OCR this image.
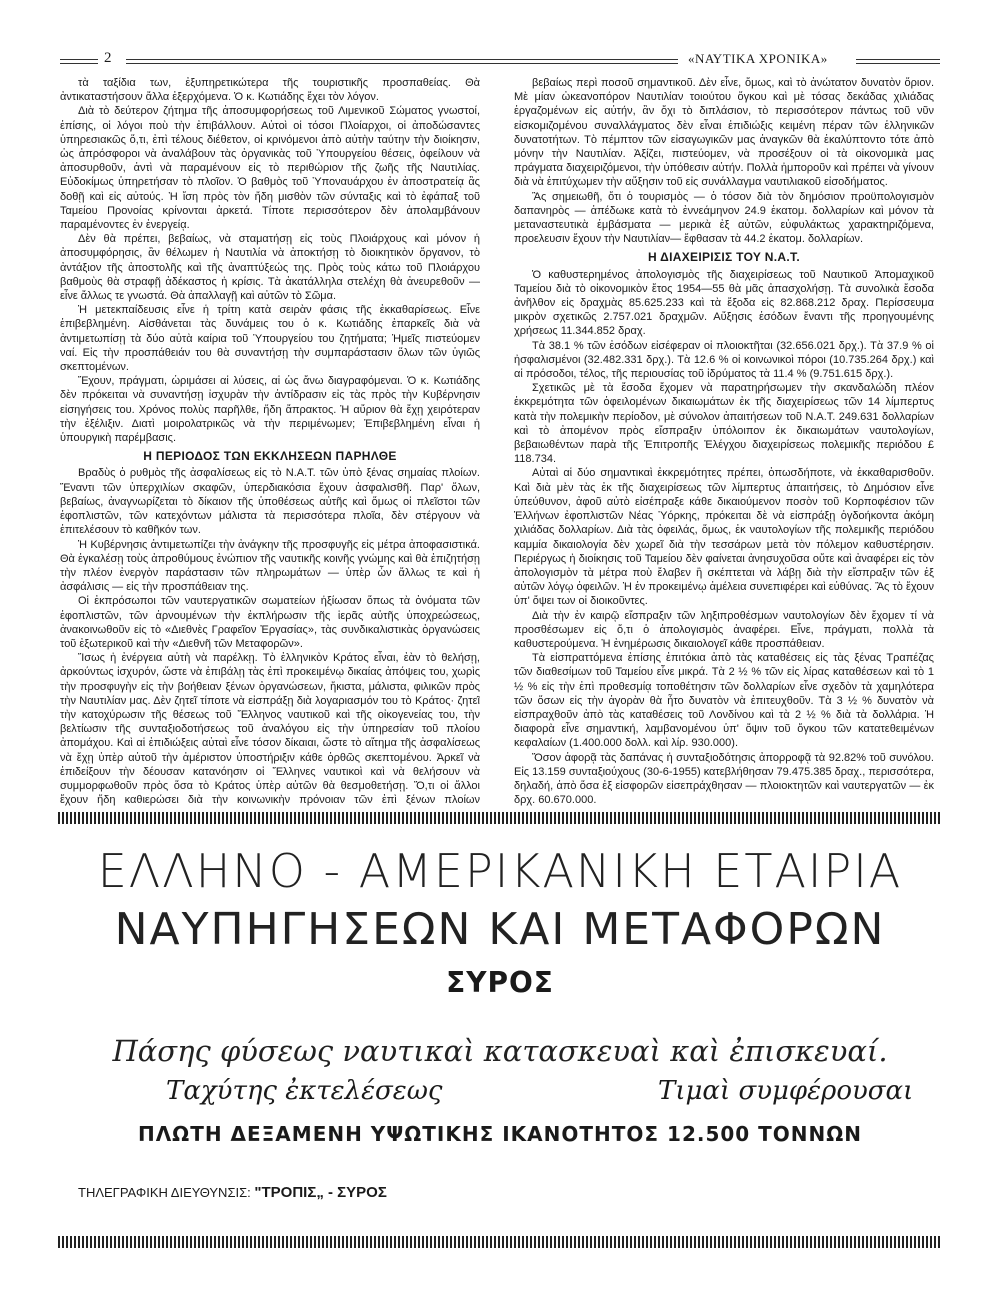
2	«ΝΑΥΤΙΚΑ ΧΡΟΝΙΚΑ»

τὰ ταξίδια των, ἐξυπηρετικώτερα τῆς τουριστικῆς προσπαθείας. Θὰ ἀντικαταστήσουν ἄλλα ἐξερχόμενα. Ὁ κ. Κωτιάδης ἔχει τὸν λόγον.

Διὰ τὸ δεύτερον ζήτημα τῆς ἀποσυμφορήσεως τοῦ Λιμενικοῦ Σώματος γνωστοί, ἐπίσης, οἱ λόγοι ποὺ τὴν ἐπιβάλλουν. Αὐτοὶ οἱ τόσοι Πλοίαρχοι, οἱ ἀποδώσαντες ὑπηρεσιακῶς ὅ,τι, ἐπὶ τέλους διέθετον, οἱ κρινόμενοι ἀπὸ αὐτὴν ταύτην τὴν διοίκησιν, ὡς ἀπρόσφοροι νὰ ἀναλάβουν τὰς ὀργανικὰς τοῦ Ὑπουργείου θέσεις, ὀφείλουν νὰ ἀποσυρθοῦν, ἀντὶ νὰ παραμένουν εἰς τὸ περιθώριον τῆς ζωῆς τῆς Ναυτιλίας. Εὐδοκίμως ὑπηρετήσαν τὸ πλοῖον. Ὁ βαθμὸς τοῦ Ὑποναυάρχου ἐν ἀποστρατείᾳ ἂς δοθῇ καὶ εἰς αὐτούς. Ἡ ἴση πρὸς τὸν ἤδη μισθὸν τῶν σύνταξις καὶ τὸ ἐφάπαξ τοῦ Ταμείου Προνοίας κρίνονται ἀρκετά. Τίποτε περισσότερον δὲν ἀπολαμβάνουν παραμένοντες ἐν ἐνεργείᾳ.

Δὲν θὰ πρέπει, βεβαίως, νὰ σταματήσῃ εἰς τοὺς Πλοιάρχους καὶ μόνον ἡ ἀποσυμφόρησις, ἂν θέλωμεν ἡ Ναυτιλία νὰ ἀποκτήσῃ τὸ διοικητικὸν ὄργανον, τὸ ἀντάξιον τῆς ἀποστολῆς καὶ τῆς ἀναπτύξεώς της. Πρὸς τοὺς κάτω τοῦ Πλοιάρχου βαθμοὺς θὰ στραφῇ ἀδέκαστος ἡ κρίσις. Τὰ ἀκατάλληλα στελέχη θὰ ἀνευρεθοῦν — εἶνε ἄλλως τε γνωστά. Θὰ ἀπαλλαγῇ καὶ αὐτῶν τὸ Σῶμα.

Ἡ μετεκπαίδευσις εἶνε ἡ τρίτη κατὰ σειρὰν φάσις τῆς ἐκκαθαρίσεως. Εἶνε ἐπιβεβλημένη. Αἰσθάνεται τὰς δυνάμεις του ὁ κ. Κωτιάδης ἐπαρκεῖς διὰ νὰ ἀντιμετωπίσῃ τὰ δύο αὐτὰ καίρια τοῦ Ὑπουργείου του ζητήματα; Ἡμεῖς πιστεύομεν ναί. Εἰς τὴν προσπάθειάν του θὰ συναντήσῃ τὴν συμπαράστασιν ὅλων τῶν ὑγιῶς σκεπτομένων.

Ἔχουν, πράγματι, ὡριμάσει αἱ λύσεις, αἱ ὡς ἄνω διαγραφόμεναι. Ὁ κ. Κωτιάδης δὲν πρόκειται νὰ συναντήσῃ ἰσχυρὰν τὴν ἀντίδρασιν εἰς τὰς πρὸς τὴν Κυβέρνησιν εἰσηγήσεις του. Χρόνος πολὺς παρῆλθε, ἤδη ἄπρακτος. Ἡ αὔριον θὰ ἔχῃ χειρότεραν τὴν ἐξέλιξιν. Διατὶ μοιρολατρικῶς νὰ τὴν περιμένωμεν; Ἐπιβεβλημένη εἶναι ἡ ὑπουργικὴ παρέμβασις.

Η ΠΕΡΙΟΔΟΣ ΤΩΝ ΕΚΚΛΗΣΕΩΝ ΠΑΡΗΛΘΕ

Βραδὺς ὁ ρυθμὸς τῆς ἀσφαλίσεως εἰς τὸ Ν.Α.Τ. τῶν ὑπὸ ξένας σημαίας πλοίων. Ἔναντι τῶν ὑπερχιλίων σκαφῶν, ὑπερδιακόσια ἔχουν ἀσφαλισθῆ. Παρ' ὅλων, βεβαίως, ἀναγνωρίζεται τὸ δίκαιον τῆς ὑποθέσεως αὐτῆς καὶ ὅμως οἱ πλεῖστοι τῶν ἐφοπλιστῶν, τῶν κατεχόντων μάλιστα τὰ περισσότερα πλοῖα, δὲν στέργουν νὰ ἐπιτελέσουν τὸ καθῆκόν των.

Ἡ Κυβέρνησις ἀντιμετωπίζει τὴν ἀνάγκην τῆς προσφυγῆς εἰς μέτρα ἀποφασιστικά. Θὰ ἐγκαλέσῃ τοὺς ἀπροθύμους ἐνώπιον τῆς ναυτικῆς κοινῆς γνώμης καὶ θὰ ἐπιζητήσῃ τὴν πλέον ἐνεργὸν παράστασιν τῶν πληρωμάτων — ὑπὲρ ὧν ἄλλως τε καὶ ἡ ἀσφάλισις — εἰς τὴν προσπάθειαν της.

Οἱ ἐκπρόσωποι τῶν ναυτεργατικῶν σωματείων ἠξίωσαν ὅπως τὰ ὀνόματα τῶν ἐφοπλιστῶν, τῶν ἀρνουμένων τὴν ἐκπλήρωσιν τῆς ἱερᾶς αὐτῆς ὑποχρεώσεως, ἀνακοινωθοῦν εἰς τὸ «Διεθνὲς Γραφεῖον Ἐργασίας», τὰς συνδικαλιστικὰς ὀργανώσεις τοῦ ἐξωτερικοῦ καὶ τὴν «Διεθνῆ τῶν Μεταφορῶν».

Ἴσως ἡ ἐνέργεια αὐτὴ νὰ παρέλκῃ. Τὸ ἑλληνικὸν Κράτος εἶναι, ἐὰν τὸ θελήσῃ, ἀρκούντως ἰσχυρόν, ὥστε νὰ ἐπιβάλῃ τὰς ἐπὶ προκειμένῳ δικαίας ἀπόψεις του, χωρὶς τὴν προσφυγὴν εἰς τὴν βοήθειαν ξένων ὀργανώσεων, ἥκιστα, μάλιστα, φιλικῶν πρὸς τὴν Ναυτιλίαν μας. Δὲν ζητεῖ τίποτε νὰ εἰσπράξῃ διὰ λογαριασμόν του τὸ Κράτος· ζητεῖ τὴν κατοχύρωσιν τῆς θέσεως τοῦ Ἕλληνος ναυτικοῦ καὶ τῆς οἰκογενείας του, τὴν βελτίωσιν τῆς συνταξιοδοτήσεως τοῦ ἀναλόγου εἰς τὴν ὑπηρεσίαν τοῦ πλοίου ἀπομάχου. Καὶ αἱ ἐπιδιώξεις αὐταὶ εἶνε τόσον δίκαιαι, ὥστε τὸ αἴτημα τῆς ἀσφαλίσεως νὰ ἔχῃ ὑπὲρ αὐτοῦ τὴν ἀμέριστον ὑποστήριξιν κάθε ὀρθῶς σκεπτομένου. Ἀρκεῖ νὰ ἐπιδείξουν τὴν δέουσαν κατανόησιν οἱ Ἕλληνες ναυτικοὶ καὶ νὰ θελήσουν νὰ συμμορφωθοῦν πρὸς ὅσα τὸ Κράτος ὑπὲρ αὐτῶν θὰ θεσμοθετήσῃ. Ὅ,τι οἱ ἄλλοι ἔχουν ἤδη καθιερώσει διὰ τὴν κοινωνικὴν πρόνοιαν τῶν ἐπὶ ξένων πλοίων

βεβαίως περὶ ποσοῦ σημαντικοῦ. Δὲν εἶνε, ὅμως, καὶ τὸ ἀνώτατον δυνατὸν ὅριον. Μὲ μίαν ὠκεανοπόρον Ναυτιλίαν τοιούτου ὄγκου καὶ μὲ τόσας δεκάδας χιλιάδας ἐργαζομένων εἰς αὐτήν, ἂν ὄχι τὸ διπλάσιον, τὸ περισσότερον πάντως τοῦ νῦν εἰσκομιζομένου συναλλάγματος δὲν εἶναι ἐπιδιώξις κειμένη πέραν τῶν ἑλληνικῶν δυνατοτήτων. Τὸ πέμπτον τῶν εἰσαγωγικῶν μας ἀναγκῶν θὰ ἐκαλύπτοντο τότε ἀπὸ μόνην τὴν Ναυτιλίαν. Ἀξίζει, πιστεύομεν, νὰ προσέξουν οἱ τὰ οἰκονομικὰ μας πράγματα διαχειριζόμενοι, τὴν ὑπόθεσιν αὐτήν. Πολλὰ ἠμποροῦν καὶ πρέπει νὰ γίνουν διὰ νὰ ἐπιτύχωμεν τὴν αὔξησιν τοῦ εἰς συνάλλαγμα ναυτιλιακοῦ εἰσοδήματος.

Ἂς σημειωθῆ, ὅτι ὁ τουρισμὸς — ὁ τόσον διὰ τὸν δημόσιον προϋπολογισμὸν δαπανηρὸς — ἀπέδωκε κατὰ τὸ ἐννεάμηνον 24.9 ἑκατομ. δολλαρίων καὶ μόνον τὰ μεταναστευτικὰ ἐμβάσματα — μερικὰ ἐξ αὐτῶν, εὐφυλάκτως χαρακτηριζόμενα, προελευσιν ἔχουν τὴν Ναυτιλίαν— ἔφθασαν τὰ 44.2 ἑκατομ. δολλαρίων.

Η ΔΙΑΧΕΙΡΙΣΙΣ ΤΟΥ Ν.Α.Τ.

Ὁ καθυστερημένος ἀπολογισμὸς τῆς διαχειρίσεως τοῦ Ναυτικοῦ Ἀπομαχικοῦ Ταμείου διὰ τὸ οἰκονομικὸν ἔτος 1954—55 θὰ μᾶς ἀπασχολήσῃ. Τὰ συνολικὰ ἔσοδα ἀνῆλθον εἰς δραχμὰς 85.625.233 καὶ τὰ ἔξοδα εἰς 82.868.212 δραχ. Περίσσευμα μικρὸν σχετικῶς 2.757.021 δραχμῶν. Αὔξησις ἐσόδων ἔναντι τῆς προηγουμένης χρήσεως 11.344.852 δραχ.

Τὰ 38.1 % τῶν ἐσόδων εἰσέφεραν οἱ πλοιοκτῆται (32.656.021 δρχ.). Τὰ 37.9 % οἱ ἠσφαλισμένοι (32.482.331 δρχ.). Τὰ 12.6 % οἱ κοινωνικοὶ πόροι (10.735.264 δρχ.) καὶ αἱ πρόσοδοι, τέλος, τῆς περιουσίας τοῦ ἱδρύματος τὰ 11.4 % (9.751.615 δρχ.).

Σχετικῶς μὲ τὰ ἔσοδα ἔχομεν νὰ παρατηρήσωμεν τὴν σκανδαλώδη πλέον ἐκκρεμότητα τῶν ὀφειλομένων δικαιωμάτων ἐκ τῆς διαχειρίσεως τῶν 14 λίμπερτυς κατὰ τὴν πολεμικὴν περίοδον, μὲ σύνολον ἀπαιτήσεων τοῦ Ν.Α.Τ. 249.631 δολλαρίων καὶ τὸ ἀπομένον πρὸς εἴσπραξιν ὑπόλοιπον ἐκ δικαιωμάτων ναυτολογίων, βεβαιωθέντων παρὰ τῆς Ἐπιτροπῆς Ἐλέγχου διαχειρίσεως πολεμικῆς περιόδου £ 118.734.

Αὐταὶ αἱ δύο σημαντικαὶ ἐκκρεμότητες πρέπει, ὁπωσδήποτε, νὰ ἐκκαθαρισθοῦν. Καὶ διὰ μὲν τὰς ἐκ τῆς διαχειρίσεως τῶν λίμπερτυς ἀπαιτήσεις, τὸ Δημόσιον εἶνε ὑπεύθυνον, ἀφοῦ αὐτὸ εἰσέπραξε κάθε δικαιούμενον ποσὸν τοῦ Κορποφέσιον τῶν Ἑλλήνων ἐφοπλιστῶν Νέας Ὑόρκης, πρόκειται δὲ νὰ εἰσπράξῃ ὀγδοήκοντα ἀκόμη χιλιάδας δολλαρίων. Διὰ τὰς ὀφειλάς, ὅμως, ἐκ ναυτολογίων τῆς πολεμικῆς περιόδου καμμία δικαιολογία δὲν χωρεῖ διὰ τὴν τεσσάρων μετὰ τὸν πόλεμον καθυστέρησιν. Περιέργως ἡ διοίκησις τοῦ Ταμείου δὲν φαίνεται ἀνησυχοῦσα οὔτε καὶ ἀναφέρει εἰς τὸν ἀπολογισμὸν τὰ μέτρα ποὺ ἔλαβεν ἢ σκέπτεται νὰ λάβῃ διὰ τὴν εἴσπραξιν τῶν ἐξ αὐτῶν λόγῳ ὀφειλῶν. Ἡ ἐν προκειμένῳ ἀμέλεια συνεπιφέρει καὶ εὐθύνας. Ἂς τὸ ἔχουν ὑπ' ὄψει των οἱ διοικοῦντες.

Διὰ τὴν ἐν καιρῷ εἴσπραξιν τῶν ληξιπροθέσμων ναυτολογίων δὲν ἔχομεν τί νὰ προσθέσωμεν εἰς ὅ,τι ὁ ἀπολογισμὸς ἀναφέρει. Εἶνε, πράγματι, πολλὰ τὰ καθυστερούμενα. Ἡ ἐνημέρωσις δικαιολογεῖ κάθε προσπάθειαν.

Τὰ εἰσπραττόμενα ἐπίσης ἐπιτόκια ἀπὸ τὰς καταθέσεις εἰς τὰς ξένας Τραπέζας τῶν διαθεσίμων τοῦ Ταμείου εἶνε μικρά. Τὰ 2 ½ % τῶν εἰς λίρας καταθέσεων καὶ τὸ 1 ½ % εἰς τὴν ἐπὶ προθεσμίᾳ τοποθέτησιν τῶν δολλαρίων εἶνε σχεδὸν τὰ χαμηλότερα τῶν ὅσων εἰς τὴν ἀγορὰν θὰ ἦτο δυνατὸν νὰ ἐπιτευχθοῦν. Τὰ 3 ½ % δυνατὸν νὰ εἰσπραχθοῦν ἀπὸ τὰς καταθέσεις τοῦ Λονδίνου καὶ τὰ 2 ½ % διὰ τὰ δολλάρια. Ἡ διαφορὰ εἶνε σημαντική, λαμβανομένου ὑπ' ὄψιν τοῦ ὄγκου τῶν κατατεθειμένων κεφαλαίων (1.400.000 δολλ. καὶ λίρ. 930.000).

Ὅσον ἀφορᾷ τὰς δαπάνας ἡ συνταξιοδότησις ἀπορροφᾷ τὰ 92.82% τοῦ συνόλου. Εἰς 13.159 συνταξιούχους (30-6-1955) κατεβλήθησαν 79.475.385 δραχ., περισσότερα, δηλαδή, ἀπὸ ὅσα ἐξ εἰσφορῶν εἰσεπράχθησαν — πλοιοκτητῶν καὶ ναυτεργατῶν — ἐκ δρχ. 60.670.000.

ΕΛΛΗΝΟ - ΑΜΕΡΙΚΑΝΙΚΗ ΕΤΑΙΡΙΑ
ΝΑΥΠΗΓΗΣΕΩΝ ΚΑΙ ΜΕΤΑΦΟΡΩΝ
ΣΥΡΟΣ
Πάσης φύσεως ναυτικαὶ κατασκευαὶ καὶ ἐπισκευαί.
Ταχύτης ἐκτελέσεως	Τιμαὶ συμφέρουσαι
ΠΛΩΤΗ ΔΕΞΑΜΕΝΗ ΥΨΩΤΙΚΗΣ ΙΚΑΝΟΤΗΤΟΣ 12.500 ΤΟΝΝΩΝ
ΤΗΛΕΓΡΑΦΙΚΗ ΔΙΕΥΘΥΝΣΙΣ: "ΤΡΟΠΙΣ„ - ΣΥΡΟΣ
